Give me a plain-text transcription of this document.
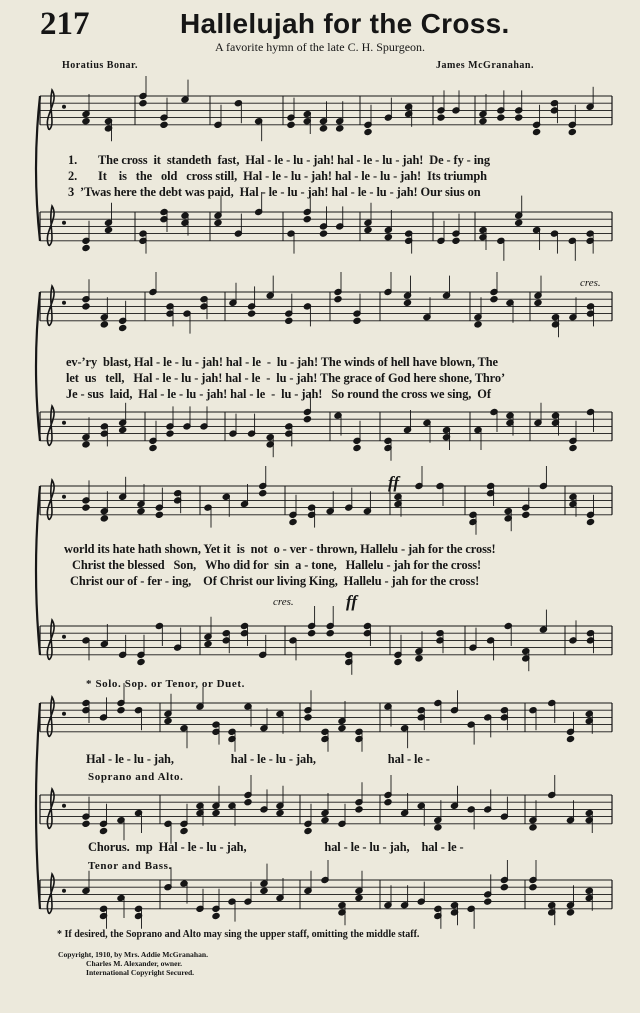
217	Hallelujah for the Cross.
A favorite hymn of the late C. H. Spurgeon.
Horatius Bonar.	James McGranahan.
1. The cross  it  standeth  fast,  Hal - le - lu - jah! hal - le - lu - jah!  De - fy - ing
2. It    is   the   old   cross still,  Hal - le - lu - jah! hal - le - lu - jah!  Its triumph
3 ’Twas here the debt was paid,  Hal - le - lu - jah! hal - le - lu - jah! Our sius on
cres.
ev-’ry  blast, Hal - le - lu - jah! hal - le  -  lu - jah! The winds of hell have blown, The
let  us   tell,   Hal - le - lu - jah! hal - le  -  lu - jah! The grace of God here shone, Thro’
Je - sus  laid,  Hal - le - lu - jah! hal - le  -  lu - jah!   So round the cross we sing,  Of
ff
world its hate hath shown, Yet it  is  not  o - ver - thrown, Hallelu - jah for the cross!
Christ the blessed   Son,   Who did for  sin  a - tone,   Hallelu - jah for the cross!
Christ our of - fer - ing,    Of Christ our living King,  Hallelu - jah for the cross!
cres.	ff
* Solo. Sop. or Tenor, or Duet.
Hal - le - lu - jah,                   hal - le - lu - jah,                        hal - le -
Soprano and Alto.
Chorus.  mp  Hal - le - lu - jah,                          hal - le - lu - jah,    hal - le -
Tenor and Bass.
* If desired, the Soprano and Alto may sing the upper staff, omitting the middle staff.
Copyright, 1910, by Mrs. Addie McGranahan.
Charles M. Alexander, owner.
International Copyright Secured.
